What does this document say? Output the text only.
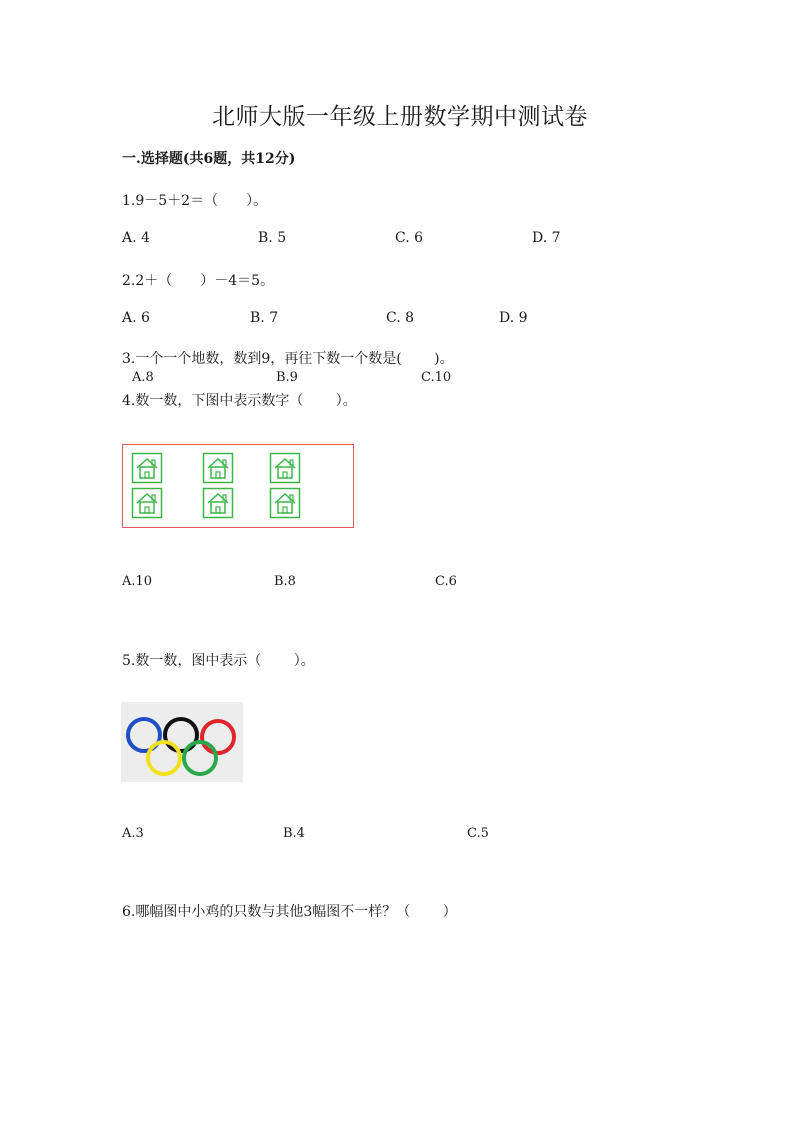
北师大版一年级上册数学期中测试卷
一.选择题(共6题，共12分)
1.9－5＋2＝（　　）。
A. 4	B. 5	C. 6	D. 7
2.2＋（　　）－4＝5。
A. 6	B. 7	C. 8	D. 9
3.一个一个地数，数到9，再往下数一个数是(　　 )。
A.8	B.9	C.10
4.数一数，下图中表示数字（　　 ）。
A.10	B.8	C.6
5.数一数，图中表示（　　 ）。
A.3	B.4	C.5
6.哪幅图中小鸡的只数与其他3幅图不一样？（　　 ）
